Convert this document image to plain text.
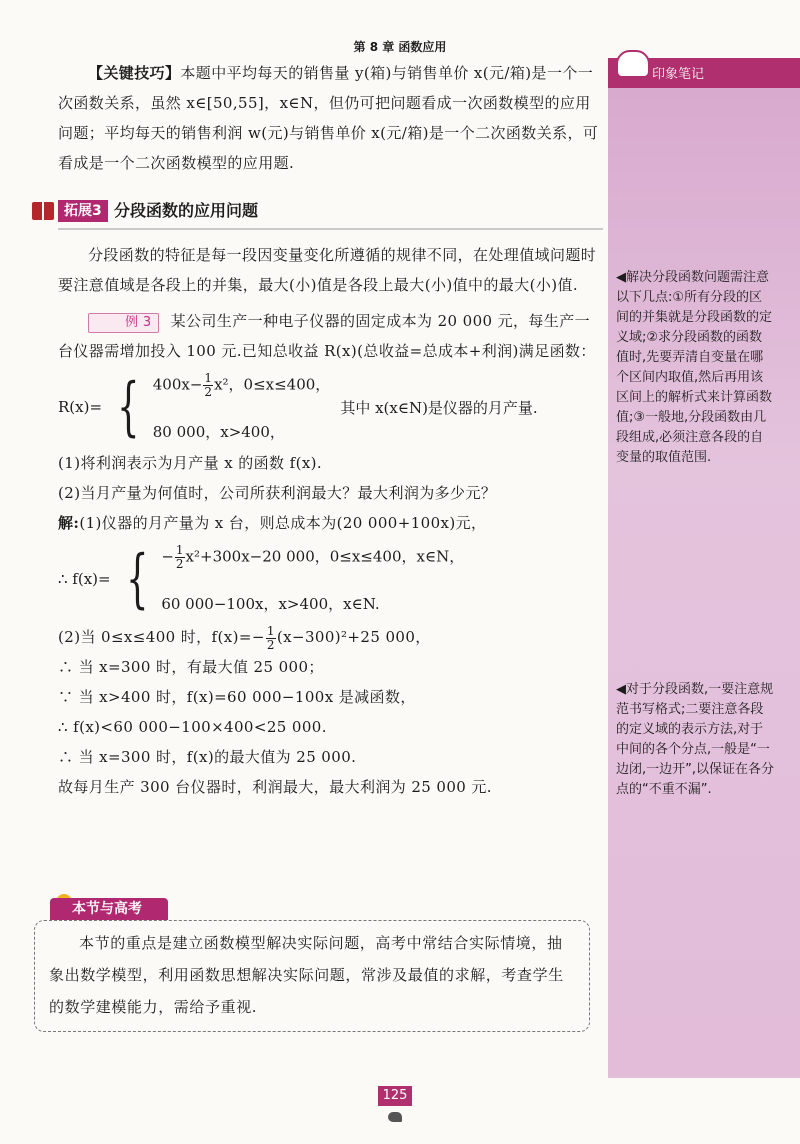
第 8 章 函数应用

【关键技巧】本题中平均每天的销售量 y(箱)与销售单价 x(元/箱)是一个一次函数关系，虽然 x∈[50,55]，x∈N，但仍可把问题看成一次函数模型的应用问题；平均每天的销售利润 w(元)与销售单价 x(元/箱)是一个二次函数关系，可看成是一个二次函数模型的应用题.

拓展3 分段函数的应用问题

分段函数的特征是每一段因变量变化所遵循的规律不同，在处理值域问题时要注意值域是各段上的并集，最大(小)值是各段上最大(小)值中的最大(小)值.

例 3 某公司生产一种电子仪器的固定成本为 20 000 元，每生产一台仪器需增加投入 100 元.已知总收益 R(x)(总收益=总成本+利润)满足函数：

R(x)= { $400x- \frac{1}{2} x^2$，0≤x≤400，
80 000，x>400，
其中 x(x∈N)是仪器的月产量.

(1)将利润表示为月产量 x 的函数 f(x).

(2)当月产量为何值时，公司所获利润最大？最大利润为多少元？

解:(1)仪器的月产量为 x 台，则总成本为(20 000+100x)元，

∴ f(x)= { − $\frac{1}{2} x^2+300x-20$ 000，0≤x≤400，x∈N，
60 000−100x，x>400，x∈N.

(2)当 0≤x≤400 时，$f(x)=- \frac{1}{2} (x-300)^2+25$ 000，

∴ 当 x=300 时，有最大值 25 000；

∵ 当 x>400 时，f(x)=60 000−100x 是减函数，

∴ f(x)<60 000−100×400<25 000.

∴ 当 x=300 时，f(x)的最大值为 25 000.

故每月生产 300 台仪器时，利润最大，最大利润为 25 000 元.

印象笔记
◀解决分段函数问题需注意以下几点:①所有分段的区间的并集就是分段函数的定义域;②求分段函数的函数值时,先要弄清自变量在哪个区间内取值,然后再用该区间上的解析式来计算函数值;③一般地,分段函数由几段组成,必须注意各段的自变量的取值范围.
◀对于分段函数,一要注意规范书写格式;二要注意各段的定义域的表示方法,对于中间的各个分点,一般是“一边闭,一边开”,以保证在各分点的“不重不漏”.
本节与高考

本节的重点是建立函数模型解决实际问题，高考中常结合实际情境，抽象出数学模型，利用函数思想解决实际问题，常涉及最值的求解，考查学生的数学建模能力，需给予重视.

125
